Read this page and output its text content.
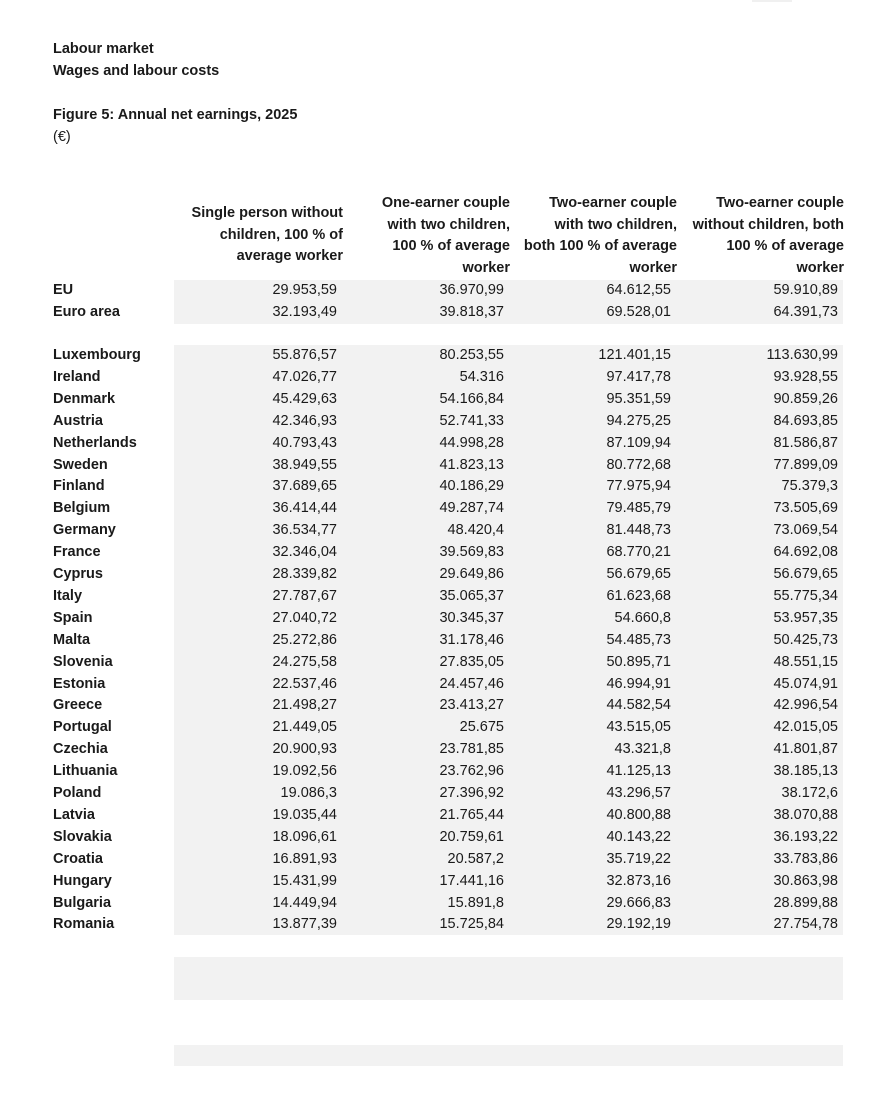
Labour market
Wages and labour costs
Figure 5: Annual net earnings, 2025
(€)
Single person without
children, 100 % of
average worker
One-earner couple
with two children,
100 % of average
worker
Two-earner couple
with two children,
both 100 % of average
worker
Two-earner couple
without children, both
100 % of average
worker
EU	29.953,59	36.970,99	64.612,55	59.910,89
Euro area	32.193,49	39.818,37	69.528,01	64.391,73
Luxembourg	55.876,57	80.253,55	121.401,15	113.630,99
Ireland	47.026,77	54.316	97.417,78	93.928,55
Denmark	45.429,63	54.166,84	95.351,59	90.859,26
Austria	42.346,93	52.741,33	94.275,25	84.693,85
Netherlands	40.793,43	44.998,28	87.109,94	81.586,87
Sweden	38.949,55	41.823,13	80.772,68	77.899,09
Finland	37.689,65	40.186,29	77.975,94	75.379,3
Belgium	36.414,44	49.287,74	79.485,79	73.505,69
Germany	36.534,77	48.420,4	81.448,73	73.069,54
France	32.346,04	39.569,83	68.770,21	64.692,08
Cyprus	28.339,82	29.649,86	56.679,65	56.679,65
Italy	27.787,67	35.065,37	61.623,68	55.775,34
Spain	27.040,72	30.345,37	54.660,8	53.957,35
Malta	25.272,86	31.178,46	54.485,73	50.425,73
Slovenia	24.275,58	27.835,05	50.895,71	48.551,15
Estonia	22.537,46	24.457,46	46.994,91	45.074,91
Greece	21.498,27	23.413,27	44.582,54	42.996,54
Portugal	21.449,05	25.675	43.515,05	42.015,05
Czechia	20.900,93	23.781,85	43.321,8	41.801,87
Lithuania	19.092,56	23.762,96	41.125,13	38.185,13
Poland	19.086,3	27.396,92	43.296,57	38.172,6
Latvia	19.035,44	21.765,44	40.800,88	38.070,88
Slovakia	18.096,61	20.759,61	40.143,22	36.193,22
Croatia	16.891,93	20.587,2	35.719,22	33.783,86
Hungary	15.431,99	17.441,16	32.873,16	30.863,98
Bulgaria	14.449,94	15.891,8	29.666,83	28.899,88
Romania	13.877,39	15.725,84	29.192,19	27.754,78
